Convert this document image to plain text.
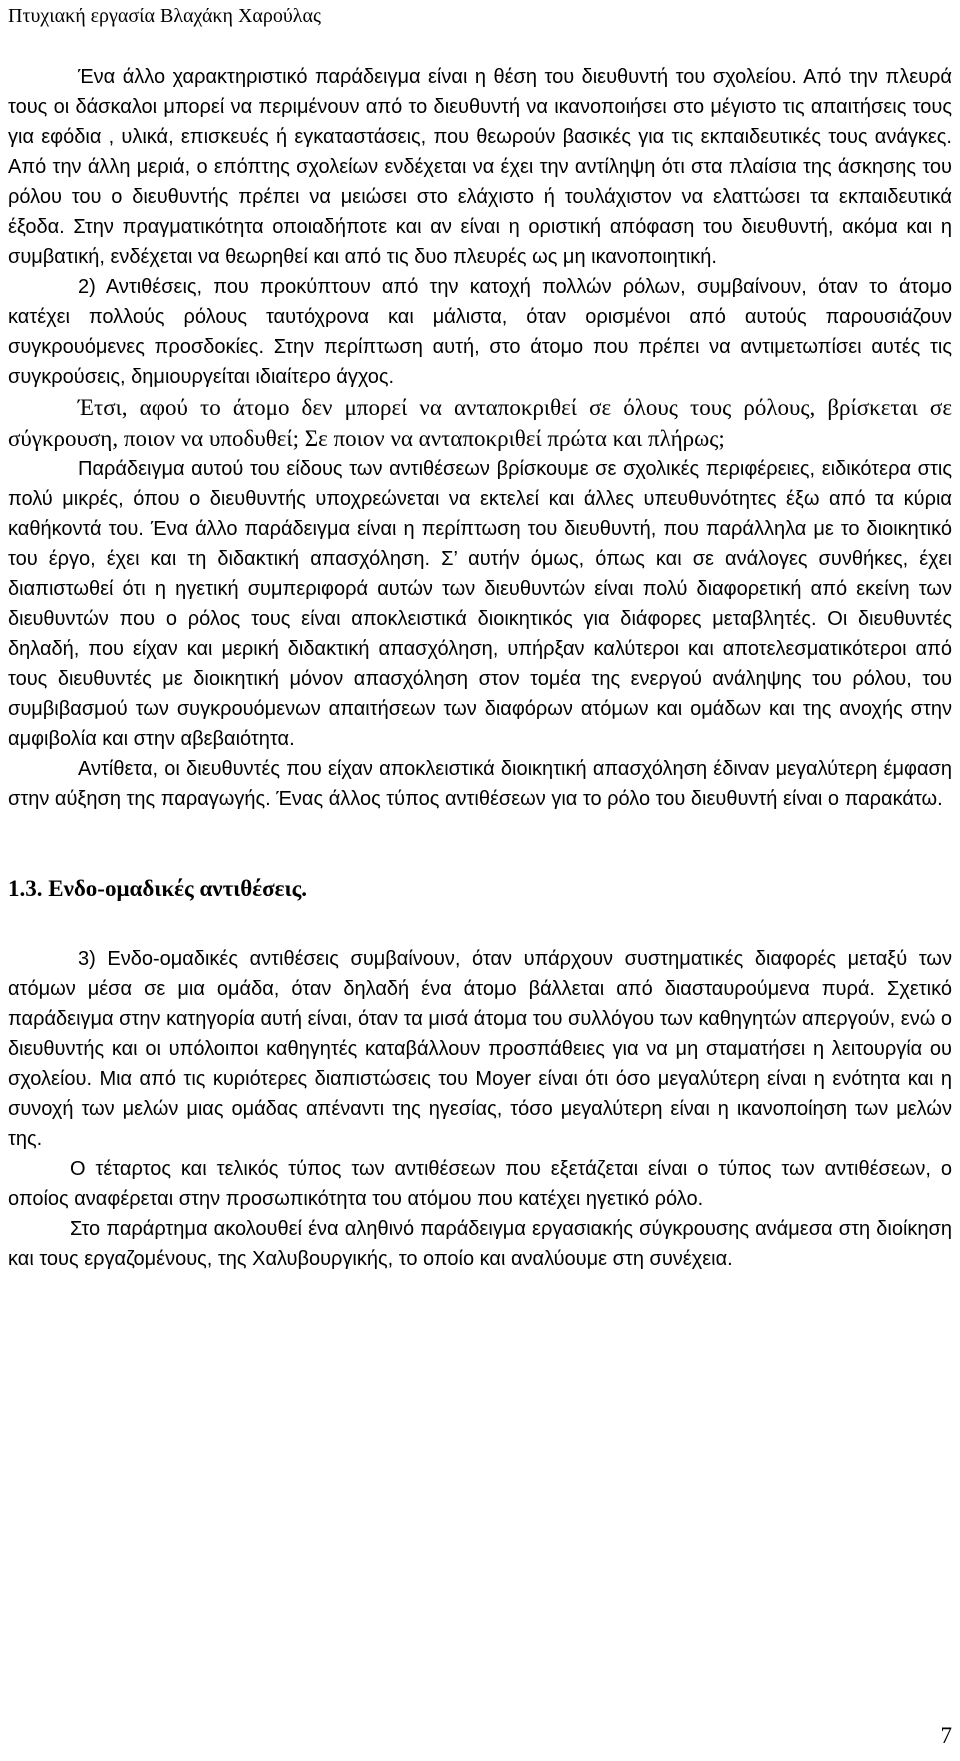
Πτυχιακή εργασία Βλαχάκη Χαρούλας

Ένα άλλο χαρακτηριστικό παράδειγμα είναι η θέση του διευθυντή του σχολείου. Από την πλευρά τους οι δάσκαλοι μπορεί να περιμένουν από το διευθυντή να ικανοποιήσει στο μέγιστο τις απαιτήσεις τους για εφόδια , υλικά, επισκευές ή εγκαταστάσεις, που θεωρούν βασικές για τις εκπαιδευτικές τους ανάγκες. Από την άλλη μεριά, ο επόπτης σχολείων ενδέχεται να έχει την αντίληψη ότι στα πλαίσια της άσκησης του ρόλου του ο διευθυντής πρέπει να μειώσει στο ελάχιστο ή τουλάχιστον να ελαττώσει τα εκπαιδευτικά έξοδα. Στην πραγματικότητα οποιαδήποτε και αν είναι η οριστική απόφαση του διευθυντή, ακόμα και η συμβατική, ενδέχεται να θεωρηθεί και από τις δυο πλευρές ως μη ικανοποιητική.

2) Αντιθέσεις, που προκύπτουν από την κατοχή πολλών ρόλων, συμβαίνουν, όταν το άτομο κατέχει πολλούς ρόλους ταυτόχρονα και μάλιστα, όταν ορισμένοι από αυτούς παρουσιάζουν συγκρουόμενες προσδοκίες. Στην περίπτωση αυτή, στο άτομο που πρέπει να αντιμετωπίσει αυτές τις συγκρούσεις, δημιουργείται ιδιαίτερο άγχος.

Έτσι, αφού το άτομο δεν μπορεί να ανταποκριθεί σε όλους τους ρόλους, βρίσκεται σε σύγκρουση, ποιον να υποδυθεί; Σε ποιον να ανταποκριθεί πρώτα και πλήρως;

Παράδειγμα αυτού του είδους των αντιθέσεων βρίσκουμε σε σχολικές περιφέρειες, ειδικότερα στις πολύ μικρές, όπου ο διευθυντής υποχρεώνεται να εκτελεί και άλλες υπευθυνότητες έξω από τα κύρια καθήκοντά του. Ένα άλλο παράδειγμα είναι η περίπτωση του διευθυντή, που παράλληλα με το διοικητικό του έργο, έχει και τη διδακτική απασχόληση. Σ’ αυτήν όμως, όπως και σε ανάλογες συνθήκες, έχει διαπιστωθεί ότι η ηγετική συμπεριφορά αυτών των διευθυντών είναι πολύ διαφορετική από εκείνη των διευθυντών που ο ρόλος τους είναι αποκλειστικά διοικητικός για διάφορες μεταβλητές. Οι διευθυντές δηλαδή, που είχαν και μερική διδακτική απασχόληση, υπήρξαν καλύτεροι και αποτελεσματικότεροι από τους διευθυντές με διοικητική μόνον απασχόληση στον τομέα της ενεργού ανάληψης του ρόλου, του συμβιβασμού των συγκρουόμενων απαιτήσεων των διαφόρων ατόμων και ομάδων και της ανοχής στην αμφιβολία και στην αβεβαιότητα.

Αντίθετα, οι διευθυντές που είχαν αποκλειστικά διοικητική απασχόληση έδιναν μεγαλύτερη έμφαση στην αύξηση της παραγωγής. Ένας άλλος τύπος αντιθέσεων για το ρόλο του διευθυντή είναι ο παρακάτω.

1.3. Ενδο-ομαδικές αντιθέσεις.

3) Ενδο-ομαδικές αντιθέσεις συμβαίνουν, όταν υπάρχουν συστηματικές διαφορές μεταξύ των ατόμων μέσα σε μια ομάδα, όταν δηλαδή ένα άτομο βάλλεται από διασταυρούμενα πυρά. Σχετικό παράδειγμα στην κατηγορία αυτή είναι, όταν τα μισά άτομα του συλλόγου των καθηγητών απεργούν, ενώ ο διευθυντής και οι υπόλοιποι καθηγητές καταβάλλουν προσπάθειες για να μη σταματήσει η λειτουργία ου σχολείου. Μια από τις κυριότερες διαπιστώσεις του Moyer είναι ότι όσο μεγαλύτερη είναι η ενότητα και η συνοχή των μελών μιας ομάδας απέναντι της ηγεσίας, τόσο μεγαλύτερη είναι η ικανοποίηση των μελών της.

Ο τέταρτος και τελικός τύπος των αντιθέσεων που εξετάζεται είναι ο τύπος των αντιθέσεων, ο οποίος αναφέρεται στην προσωπικότητα του ατόμου που κατέχει ηγετικό ρόλο.

Στο παράρτημα ακολουθεί ένα αληθινό παράδειγμα εργασιακής σύγκρουσης ανάμεσα στη διοίκηση και τους εργαζομένους, της Χαλυβουργικής, το οποίο και αναλύουμε στη συνέχεια.

7
